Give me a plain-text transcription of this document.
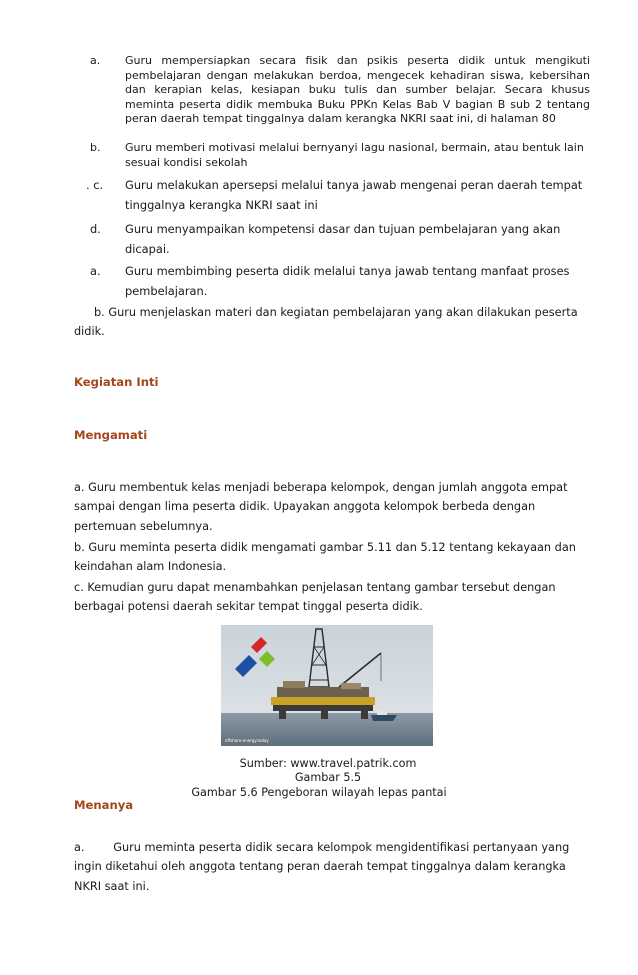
a. Guru mempersiapkan secara fisik dan psikis peserta didik untuk mengikuti pembelajaran dengan melakukan berdoa, mengecek kehadiran siswa, kebersihan dan kerapian kelas, kesiapan buku tulis dan sumber belajar. Secara khusus meminta peserta didik membuka Buku PPKn Kelas Bab V bagian B sub 2 tentang peran daerah tempat tinggalnya dalam kerangka NKRI saat ini, di halaman 80
b. Guru memberi motivasi melalui bernyanyi lagu nasional, bermain, atau bentuk lain sesuai kondisi sekolah
. c. Guru melakukan apersepsi melalui tanya jawab mengenai peran daerah tempat tinggalnya kerangka NKRI saat ini
d. Guru menyampaikan kompetensi dasar dan tujuan pembelajaran yang akan dicapai.
a. Guru membimbing peserta didik melalui tanya jawab tentang manfaat proses pembelajaran.
b. Guru menjelaskan materi dan kegiatan pembelajaran yang akan dilakukan peserta didik.
Kegiatan Inti
Mengamati
a. Guru membentuk kelas menjadi beberapa kelompok, dengan jumlah anggota empat sampai dengan lima peserta didik. Upayakan anggota kelompok berbeda dengan pertemuan sebelumnya.
b. Guru meminta peserta didik mengamati gambar 5.11 dan 5.12 tentang kekayaan dan keindahan alam Indonesia.
c. Kemudian guru dapat menambahkan penjelasan tentang gambar tersebut dengan berbagai potensi daerah sekitar tempat tinggal peserta didik.
offshore-energy.today
Sumber: www.travel.patrik.com
Gambar 5.5
Gambar 5.6 Pengeboran wilayah lepas pantai
Menanya
a.        Guru meminta peserta didik secara kelompok mengidentifikasi pertanyaan yang ingin diketahui oleh anggota tentang peran daerah tempat tinggalnya dalam kerangka NKRI saat ini.
